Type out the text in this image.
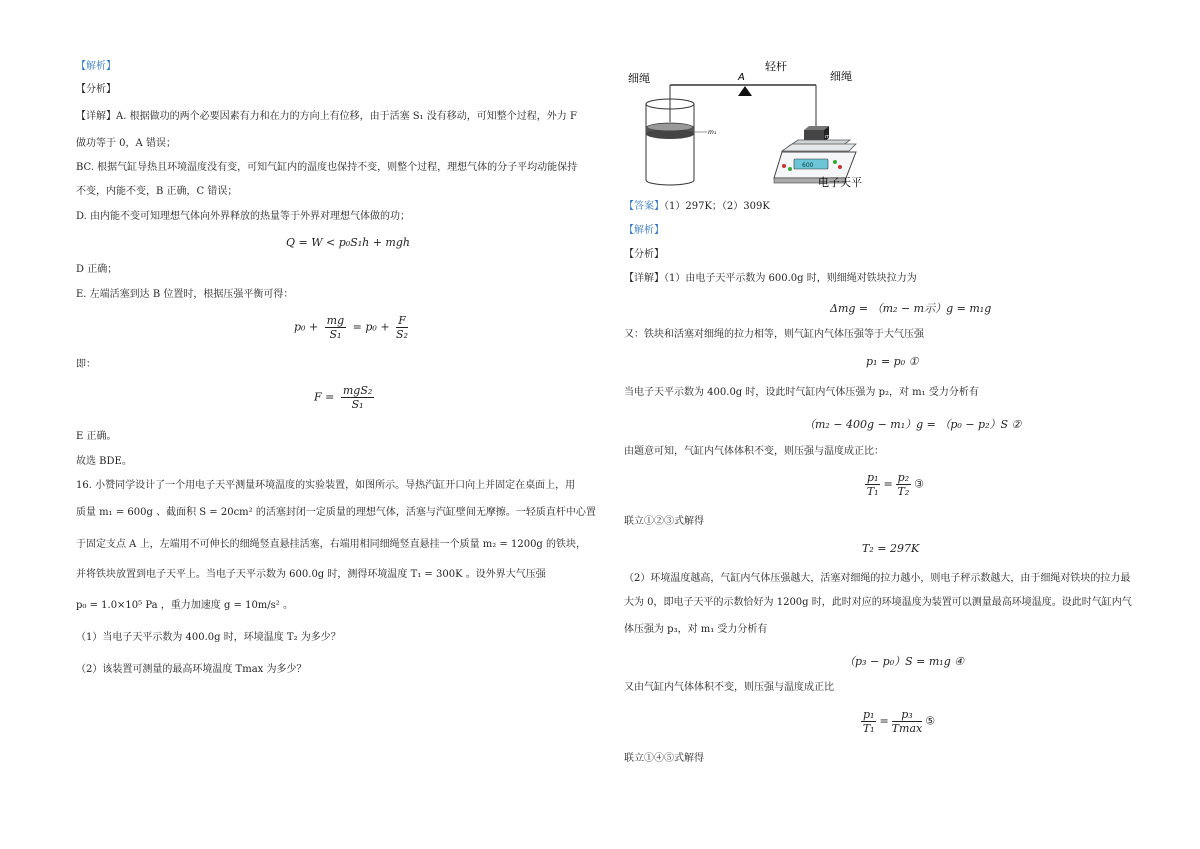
【解析】
【分析】
【详解】A. 根据做功的两个必要因素有力和在力的方向上有位移，由于活塞 S₁ 没有移动，可知整个过程，外力 F
做功等于 0，A 错误；
BC. 根据气缸导热且环境温度没有变，可知气缸内的温度也保持不变，则整个过程，理想气体的分子平均动能保持
不变，内能不变，B 正确，C 错误；
D. 由内能不变可知理想气体向外界释放的热量等于外界对理想气体做的功；
Q = W < p₀S₁h + mgh
D 正确；
E. 左端活塞到达 B 位置时，根据压强平衡可得：
$p_0 + \frac{mg}{\text{S₁}} = p_0 + \frac{F}{\text{S₂}}$
即：
$F = \frac{\text{mgS₂}}{\text{S₁}}$
E 正确。
故选 BDE。
16. 小赞同学设计了一个用电子天平测量环境温度的实验装置，如图所示。导热汽缸开口向上并固定在桌面上，用
质量 m₁ = 600g 、截面积 S = 20cm² 的活塞封闭一定质量的理想气体，活塞与汽缸壁间无摩擦。一轻质直杆中心置
于固定支点 A 上，左端用不可伸长的细绳竖直悬挂活塞，右端用相同细绳竖直悬挂一个质量 m₂ = 1200g 的铁块，
并将铁块放置到电子天平上。当电子天平示数为 600.0g 时，测得环境温度 T₁ = 300K 。设外界大气压强
p₀ = 1.0×10⁵ Pa ，重力加速度 g = 10m/s² 。
（1）当电子天平示数为 400.0g 时，环境温度 T₂ 为多少？
（2）该装置可测量的最高环境温度 Tmax 为多少？
细绳	A
轻杆
细绳
m₁
m₂
600
电子天平
【答案】（1）297K；（2）309K
【解析】
【分析】
【详解】（1）由电子天平示数为 600.0g 时，则细绳对铁块拉力为
Δmg = （m₂ − m示）g = m₁g
又：铁块和活塞对细绳的拉力相等，则气缸内气体压强等于大气压强
p₁ = p₀ ①
当电子天平示数为 400.0g 时，设此时气缸内气体压强为 p₂，对 m₁ 受力分析有
（m₂ − 400g − m₁）g = （p₀ − p₂）S ②
由题意可知，气缸内气体体积不变，则压强与温度成正比：
$\frac{\text{p₁}}{\text{T₁}} = \frac{\text{p₂}}{\text{T₂}}$ ③
联立①②③式解得
T₂ = 297K
（2）环境温度越高，气缸内气体压强越大，活塞对细绳的拉力越小，则电子秤示数越大，由于细绳对铁块的拉力最
大为 0，即电子天平的示数恰好为 1200g 时，此时对应的环境温度为装置可以测量最高环境温度。设此时气缸内气
体压强为 p₃，对 m₁ 受力分析有
（p₃ − p₀）S = m₁g ④
又由气缸内气体体积不变，则压强与温度成正比
$\frac{\text{p₁}}{\text{T₁}} = \frac{\text{p₃}}{Tmax}$ ⑤
联立①④⑤式解得
